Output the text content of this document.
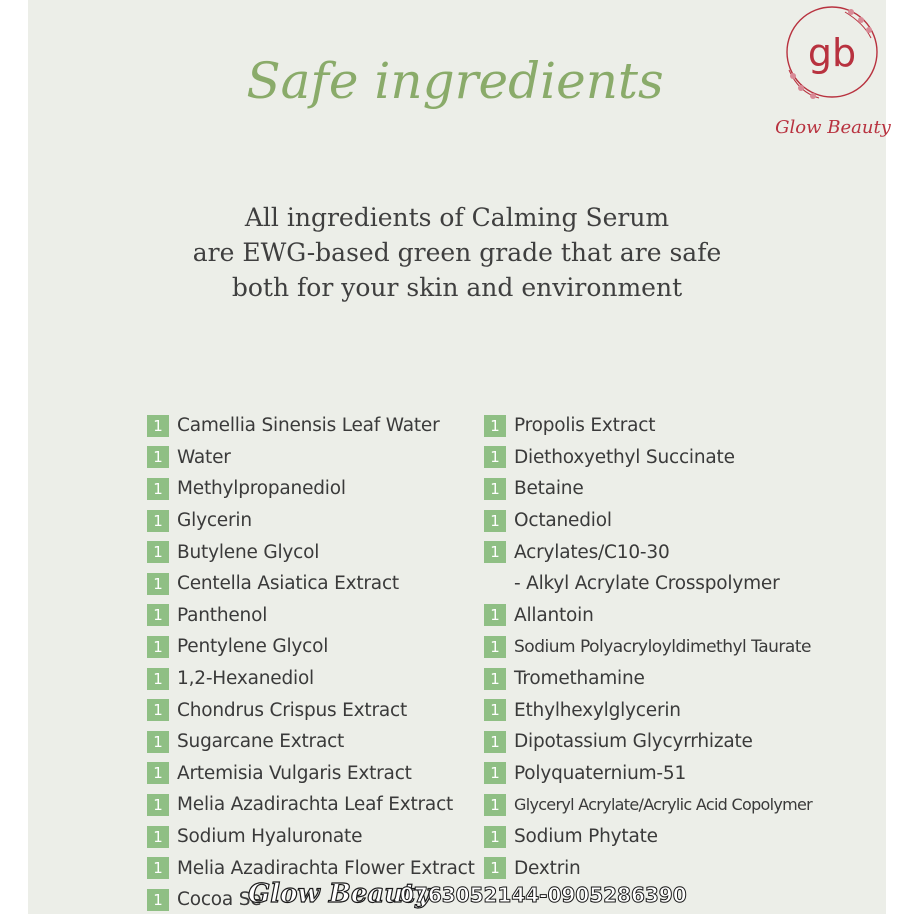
Safe ingredients	gb
Glow Beauty
All ingredients of Calming Serum
are EWG-based green grade that are safe
both for your skin and environment
1 Camellia Sinensis Leaf Water
1 Water
1 Methylpropanediol
1 Glycerin
1 Butylene Glycol
1 Centella Asiatica Extract
1 Panthenol
1 Pentylene Glycol
1 1,2-Hexanediol
1 Chondrus Crispus Extract
1 Sugarcane Extract
1 Artemisia Vulgaris Extract
1 Melia Azadirachta Leaf Extract
1 Sodium Hyaluronate
1 Melia Azadirachta Flower Extract
1 Cocoa Se
1 Propolis Extract
1 Diethoxyethyl Succinate
1 Betaine
1 Octanediol
1 Acrylates/C10-30
- Alkyl Acrylate Crosspolymer
1 Allantoin
1 Sodium Polyacryloyldimethyl Taurate
1 Tromethamine
1 Ethylhexylglycerin
1 Dipotassium Glycyrrhizate
1 Polyquaternium-51
1 Glyceryl Acrylate/Acrylic Acid Copolymer
1 Sodium Phytate
1 Dextrin
Glow Beauty
0763052144-0905286390
